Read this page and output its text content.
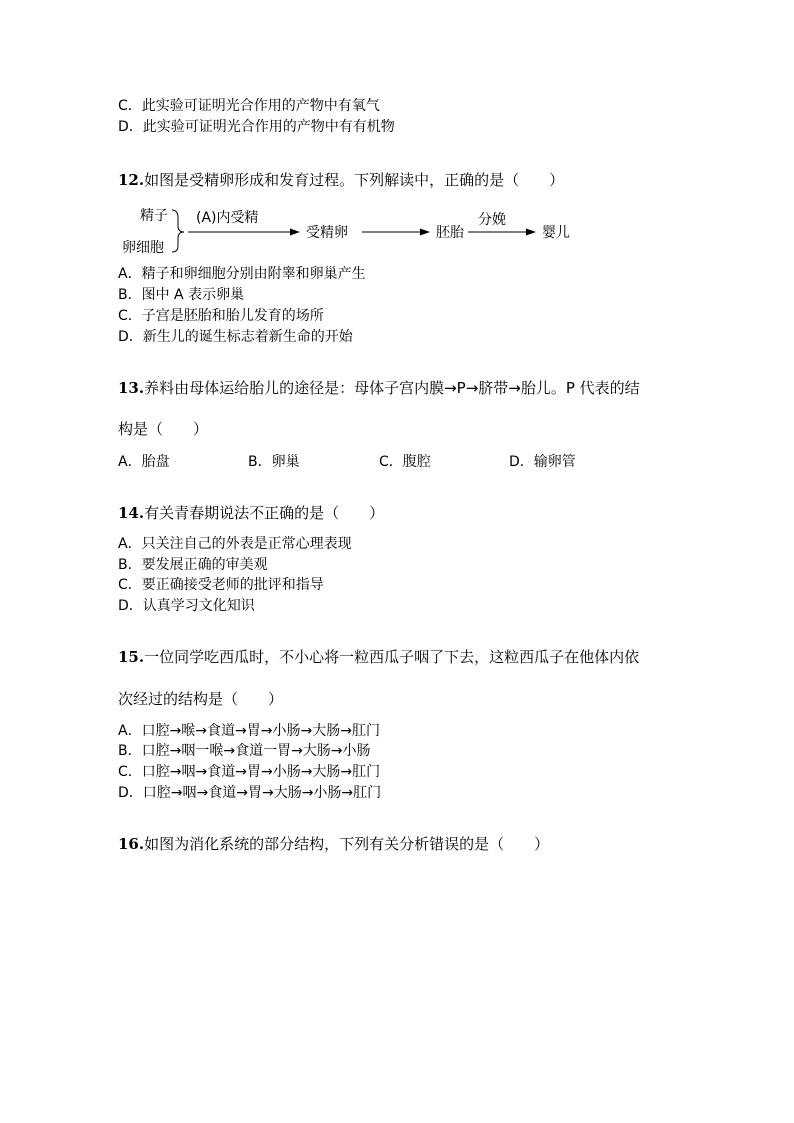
C．此实验可证明光合作用的产物中有氧气
D．此实验可证明光合作用的产物中有有机物
12.如图是受精卵形成和发育过程。下列解读中，正确的是（　　）
精子
卵细胞
(A)内受精
受精卵	胚胎
分娩
婴儿
A．精子和卵细胞分别由附睾和卵巢产生
B．图中 A 表示卵巢
C．子宫是胚胎和胎儿发育的场所
D．新生儿的诞生标志着新生命的开始
13.养料由母体运给胎儿的途径是：母体子宫内膜→P→脐带→胎儿。P 代表的结
构是（　　）
A．胎盘	B．卵巢	C．腹腔	D．输卵管
14.有关青春期说法不正确的是（　　）
A．只关注自己的外表是正常心理表现
B．要发展正确的审美观
C．要正确接受老师的批评和指导
D．认真学习文化知识
15.一位同学吃西瓜时，不小心将一粒西瓜子咽了下去，这粒西瓜子在他体内依
次经过的结构是（　　）
A．口腔→喉→食道→胃→小肠→大肠→肛门
B．口腔→咽一喉→食道一胃→大肠→小肠
C．口腔→咽→食道→胃→小肠→大肠→肛门
D．口腔→咽→食道→胃→大肠→小肠→肛门
16.如图为消化系统的部分结构，下列有关分析错误的是（　　）
